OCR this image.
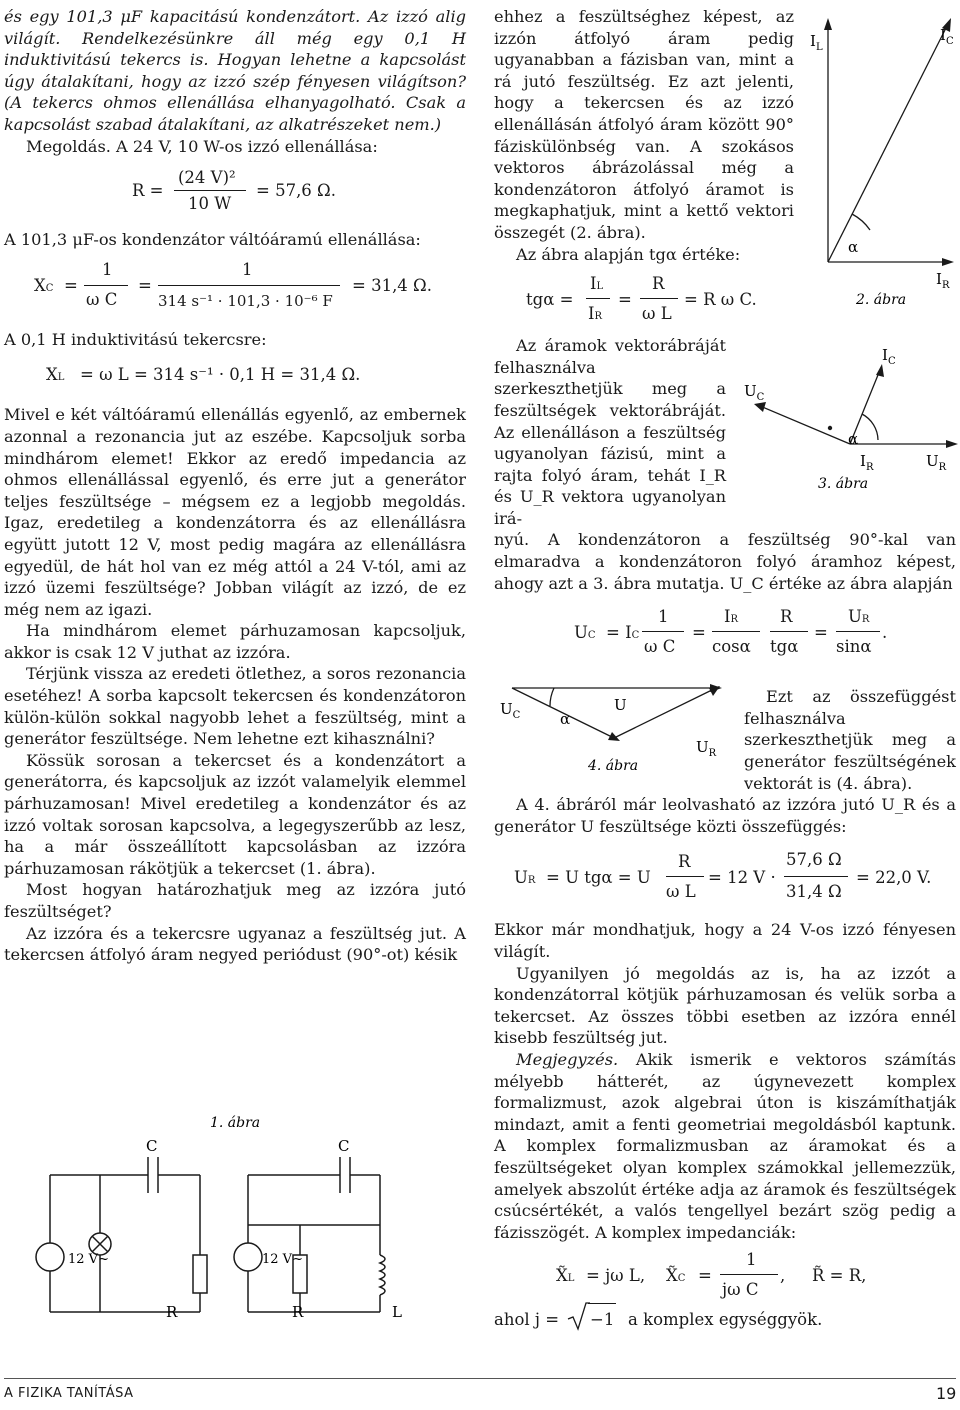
és egy 101,3 μF kapacitású kondenzátort. Az izzó alig világít. Rendelkezésünkre áll még egy 0,1 H induktivitású tekercs is. Hogyan lehetne a kapcsolást úgy átalakítani, hogy az izzó szép fényesen világítson? (A tekercs ohmos ellenállása elhanyagolható. Csak a kapcsolást szabad átalakítani, az alkatrészeket nem.)

Megoldás. A 24 V, 10 W-os izzó ellenállása:

R =
(24 V)²
10 W
= 57,6 Ω.

A 101,3 μF-os kondenzátor váltóáramú ellenállása:

XC =
1
ω C
=
1
314 s⁻¹ · 101,3 · 10⁻⁶ F
= 31,4 Ω.

A 0,1 H induktivitású tekercsre:

XL = ω L = 314 s⁻¹ · 0,1 H = 31,4 Ω.

Mivel e két váltóáramú ellenállás egyenlő, az embernek azonnal a rezonancia jut az eszébe. Kapcsoljuk sorba mindhárom elemet! Ekkor az eredő impedancia az ohmos ellenállással egyenlő, és erre jut a generátor teljes feszültsége – mégsem ez a legjobb megoldás. Igaz, eredetileg a kondenzátorra és az ellenállásra együtt jutott 12 V, most pedig magára az ellenállásra egyedül, de hát hol van ez még attól a 24 V-tól, ami az izzó üzemi feszültsége? Jobban világít az izzó, de ez még nem az igazi.

Ha mindhárom elemet párhuzamosan kapcsoljuk, akkor is csak 12 V juthat az izzóra.

Térjünk vissza az eredeti ötlethez, a soros rezonancia esetéhez! A sorba kapcsolt tekercsen és kondenzátoron külön-külön sokkal nagyobb lehet a feszültség, mint a generátor feszültsége. Nem lehetne ezt kihasználni?

Kössük sorosan a tekercset és a kondenzátort a generátorra, és kapcsoljuk az izzót valamelyik elemmel párhuzamosan! Mivel eredetileg a kondenzátor és az izzó voltak sorosan kapcsolva, a legegyszerűbb az lesz, ha a már összeállított kapcsolásban az izzóra párhuzamosan rákötjük a tekercset (1. ábra).

Most hogyan határozhatjuk meg az izzóra jutó feszültséget?

Az izzóra és a tekercsre ugyanaz a feszültség jut. A tekercsen átfolyó áram negyed periódust (90°-ot) késik

1. ábra
C	C
12 V~	12 V~
R	R	L

ehhez a feszültséghez képest, az izzón átfolyó áram pedig ugyanabban a fázisban van, mint a rá jutó feszültség. Ez azt jelenti, hogy a tekercsen és az izzó ellenállásán átfolyó áram között 90° fáziskülönbség van. A szokásos vektoros ábrázolással még a kondenzátoron átfolyó áramot is megkaphatjuk, mint a kettő vektori összegét (2. ábra).

Az ábra alapján tgα értéke:

tgα =
IL
IR
=
R
ω L
= R ω C.

Az áramok vektorábráját felhasználva szerkeszthetjük meg a feszültségek vektorábráját. Az ellenálláson a feszültség ugyanolyan fázisú, mint a rajta folyó áram, tehát I_R és U_R vektora ugyanolyan irá-

nyú. A kondenzátoron a feszültség 90°-kal van elmaradva a kondenzátoron folyó áramhoz képest, ahogy azt a 3. ábra mutatja. U_C értéke az ábra alapján

UC = IC
1
ω C
=
IR
cosα
R
tgα
=
UR
sinα
.

Ezt az összefüggést felhasználva szerkeszthetjük meg a generátor feszültségének vektorát is (4. ábra).

A 4. ábráról már leolvasható az izzóra jutó U_R és a generátor U feszültsége közti összefüggés:

UR = U tgα = U
R
ω L
= 12 V ·
57,6 Ω
31,4 Ω
= 22,0 V.

Ekkor már mondhatjuk, hogy a 24 V-os izzó fényesen világít.

Ugyanilyen jó megoldás az is, ha az izzót a kondenzátorral kötjük párhuzamosan és velük sorba a tekercset. Az összes többi esetben az izzóra ennél kisebb feszültség jut.

Megjegyzés. Akik ismerik e vektoros számítás mélyebb hátterét, az úgynevezett komplex formalizmust, azok algebrai úton is kiszámíthatják mindazt, amit a fenti geometriai megoldásból kaptunk. A komplex formalizmusban az áramokat és a feszültségeket olyan komplex számokkal jellemezzük, amelyek abszolút értéke adja az áramok és feszültségek csúcsértékét, a valós tengellyel bezárt szög pedig a fázisszögét. A komplex impedanciák:

X̃L = jω L, X̃C =
1
jω C
, R̃ = R,
ahol j = −1 a komplex egységgyök.
$I_L$
$I_C$
$I_R$
α
2. ábra
$U_C$
$I_C$
$I_R$	$U_R$
α
3. ábra
$U_C$
U
$U_R$
α
4. ábra
A FIZIKA TANÍTÁSA	19
